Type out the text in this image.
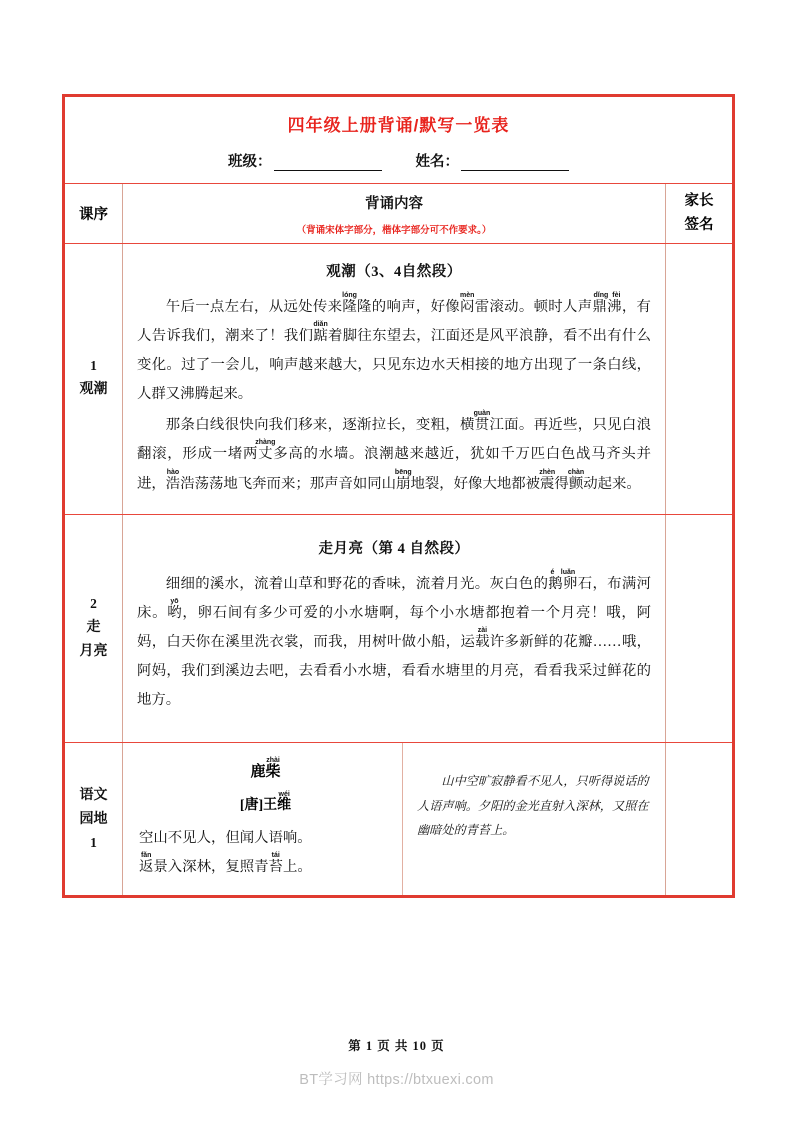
四年级上册背诵/默写一览表
班级：	姓名：
课序
背诵内容
（背诵宋体字部分，楷体字部分可不作要求。）
家长
签名
1
观潮
观潮（3、4自然段）

午后一点左右，从远处传来隆lóng隆的响声，好像闷mèn雷滚动。顿时人声鼎沸dǐng fèi，有人告诉我们，潮来了！我们踮diǎn着脚往东望去，江面还是风平浪静，看不出有什么变化。过了一会儿，响声越来越大，只见东边水天相接的地方出现了一条白线，人群又沸腾起来。

那条白线很快向我们移来，逐渐拉长，变粗，横贯guàn江面。再近些，只见白浪翻滚，形成一堵两丈zhàng多高的水墙。浪潮越来越近，犹如千万匹白色战马齐头并进，浩hào浩荡荡地飞奔而来；那声音如同山崩bēng地裂，好像大地都被震zhèn得颤chàn动起来。

2
走
月亮
走月亮（第 4 自然段）

细细的溪水，流着山草和野花的香味，流着月光。灰白色的鹅卵é luǎn石，布满河床。哟yō，卵石间有多少可爱的小水塘啊，每个小水塘都抱着一个月亮！哦，阿妈，白天你在溪里洗衣裳，而我，用树叶做小船，运载zài许多新鲜的花瓣……哦，阿妈，我们到溪边去吧，去看看小水塘，看看水塘里的月亮，看看我采过鲜花的地方。

语文
园地
1
鹿柴zhài
[唐]王维wéi
空山不见人，但闻人语响。
返fǎn景入深林，复照青苔tái上。
山中空旷寂静看不见人，只听得说话的人语声响。夕阳的金光直射入深林，又照在幽暗处的青苔上。
第 1 页 共 10 页
BT学习网 https://btxuexi.com
